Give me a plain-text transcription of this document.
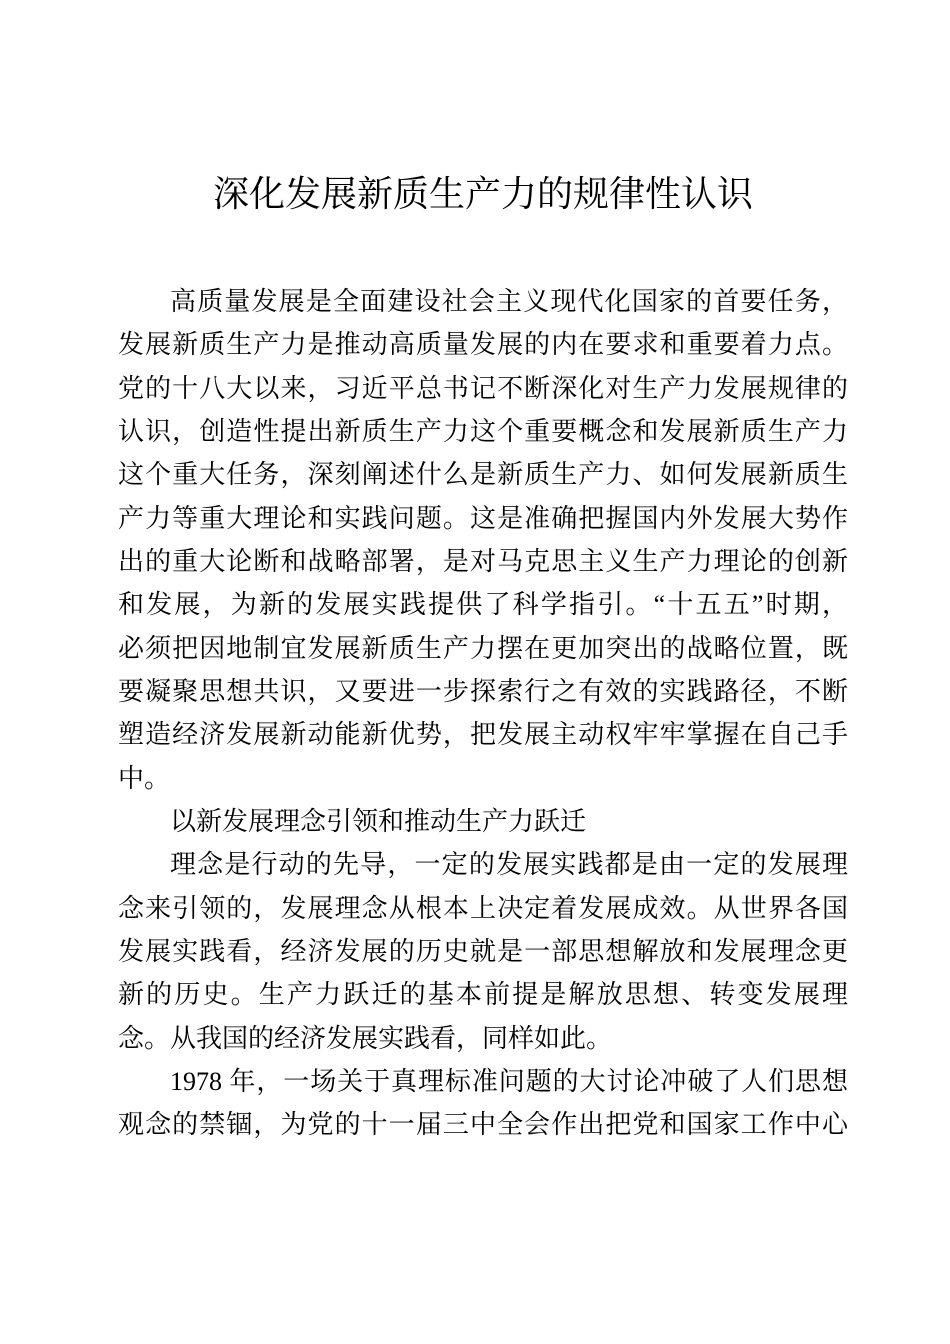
深化发展新质生产力的规律性认识
高质量发展是全面建设社会主义现代化国家的首要任务，
发展新质生产力是推动高质量发展的内在要求和重要着力点。
党的十八大以来，习近平总书记不断深化对生产力发展规律的
认识，创造性提出新质生产力这个重要概念和发展新质生产力
这个重大任务，深刻阐述什么是新质生产力、如何发展新质生
产力等重大理论和实践问题。这是准确把握国内外发展大势作
出的重大论断和战略部署，是对马克思主义生产力理论的创新
和发展，为新的发展实践提供了科学指引。“十五五”时期，
必须把因地制宜发展新质生产力摆在更加突出的战略位置，既
要凝聚思想共识，又要进一步探索行之有效的实践路径，不断
塑造经济发展新动能新优势，把发展主动权牢牢掌握在自己手
中。
以新发展理念引领和推动生产力跃迁
理念是行动的先导，一定的发展实践都是由一定的发展理
念来引领的，发展理念从根本上决定着发展成效。从世界各国
发展实践看，经济发展的历史就是一部思想解放和发展理念更
新的历史。生产力跃迁的基本前提是解放思想、转变发展理
念。从我国的经济发展实践看，同样如此。
1978 年，一场关于真理标准问题的大讨论冲破了人们思想
观念的禁锢，为党的十一届三中全会作出把党和国家工作中心
